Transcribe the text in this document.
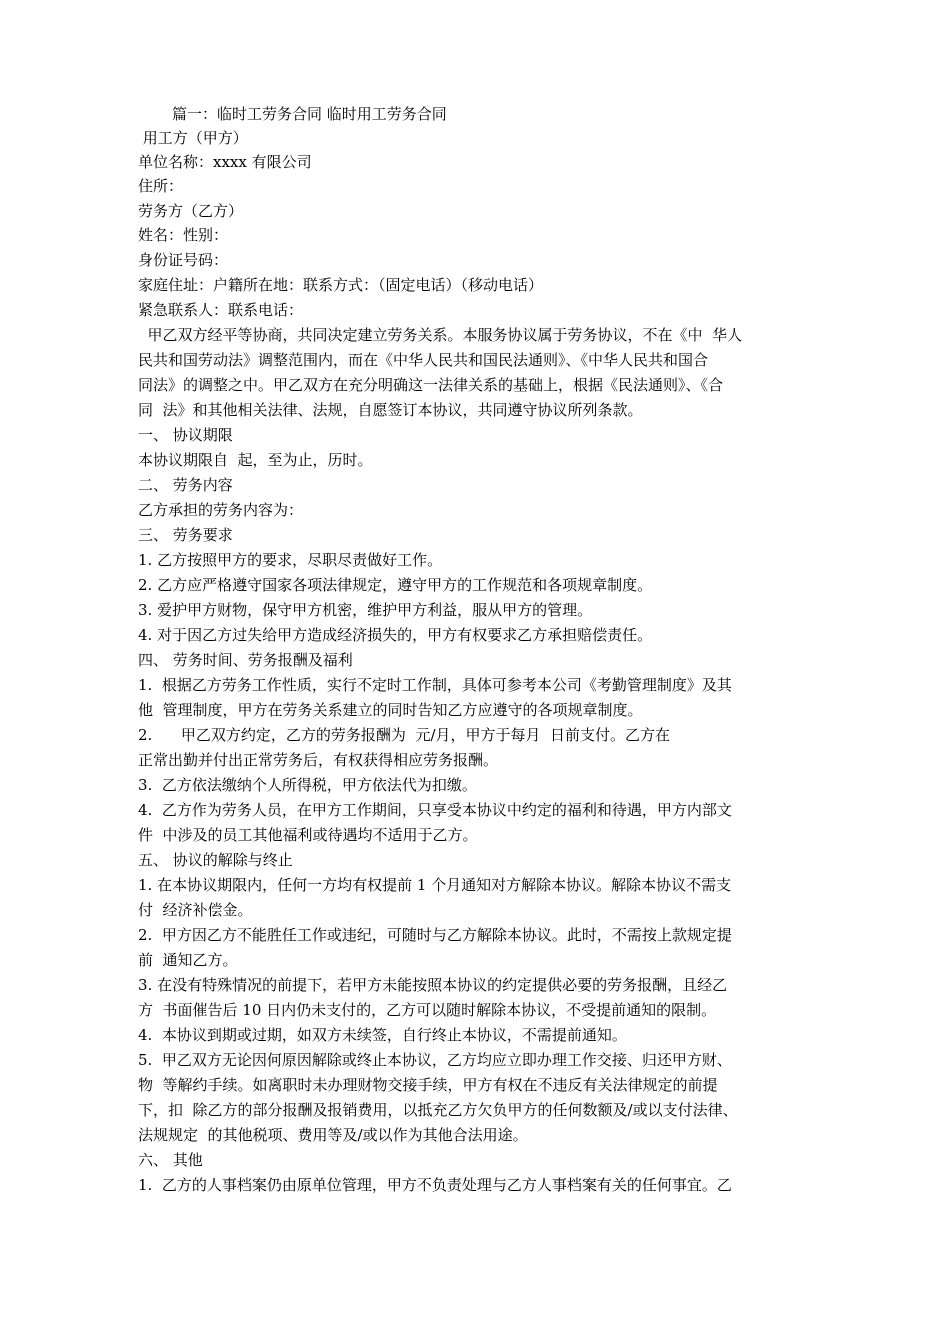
篇一：临时工劳务合同 临时用工劳务合同
用工方（甲方）
单位名称：xxxx 有限公司
住所：
劳务方（乙方）
姓名：性别：
身份证号码：
家庭住址：户籍所在地：联系方式：（固定电话）（移动电话）
紧急联系人：联系电话：
甲乙双方经平等协商，共同决定建立劳务关系。本服务协议属于劳务协议，不在《中  华人
民共和国劳动法》调整范围内，而在《中华人民共和国民法通则》、《中华人民共和国合
同法》的调整之中。甲乙双方在充分明确这一法律关系的基础上，根据《民法通则》、《合
同  法》和其他相关法律、法规，自愿签订本协议，共同遵守协议所列条款。
一、 协议期限
本协议期限自  起，至为止，历时。
二、 劳务内容
乙方承担的劳务内容为：
三、 劳务要求
1. 乙方按照甲方的要求，尽职尽责做好工作。
2. 乙方应严格遵守国家各项法律规定，遵守甲方的工作规范和各项规章制度。
3. 爱护甲方财物，保守甲方机密，维护甲方利益，服从甲方的管理。
4. 对于因乙方过失给甲方造成经济损失的，甲方有权要求乙方承担赔偿责任。
四、 劳务时间、劳务报酬及福利
1.  根据乙方劳务工作性质，实行不定时工作制，具体可参考本公司《考勤管理制度》及其
他  管理制度，甲方在劳务关系建立的同时告知乙方应遵守的各项规章制度。
2.      甲乙双方约定，乙方的劳务报酬为  元/月，甲方于每月  日前支付。乙方在
正常出勤并付出正常劳务后，有权获得相应劳务报酬。
3.  乙方依法缴纳个人所得税，甲方依法代为扣缴。
4.  乙方作为劳务人员，在甲方工作期间，只享受本协议中约定的福利和待遇，甲方内部文
件  中涉及的员工其他福利或待遇均不适用于乙方。
五、 协议的解除与终止
1. 在本协议期限内，任何一方均有权提前 1 个月通知对方解除本协议。解除本协议不需支
付  经济补偿金。
2.  甲方因乙方不能胜任工作或违纪，可随时与乙方解除本协议。此时，不需按上款规定提
前  通知乙方。
3. 在没有特殊情况的前提下，若甲方未能按照本协议的约定提供必要的劳务报酬，且经乙
方  书面催告后 10 日内仍未支付的，乙方可以随时解除本协议，不受提前通知的限制。
4.  本协议到期或过期，如双方未续签，自行终止本协议，不需提前通知。
5.  甲乙双方无论因何原因解除或终止本协议，乙方均应立即办理工作交接、归还甲方财、
物  等解约手续。如离职时未办理财物交接手续，甲方有权在不违反有关法律规定的前提
下，扣  除乙方的部分报酬及报销费用，以抵充乙方欠负甲方的任何数额及/或以支付法律、
法规规定  的其他税项、费用等及/或以作为其他合法用途。
六、 其他
1.  乙方的人事档案仍由原单位管理，甲方不负责处理与乙方人事档案有关的任何事宜。乙
